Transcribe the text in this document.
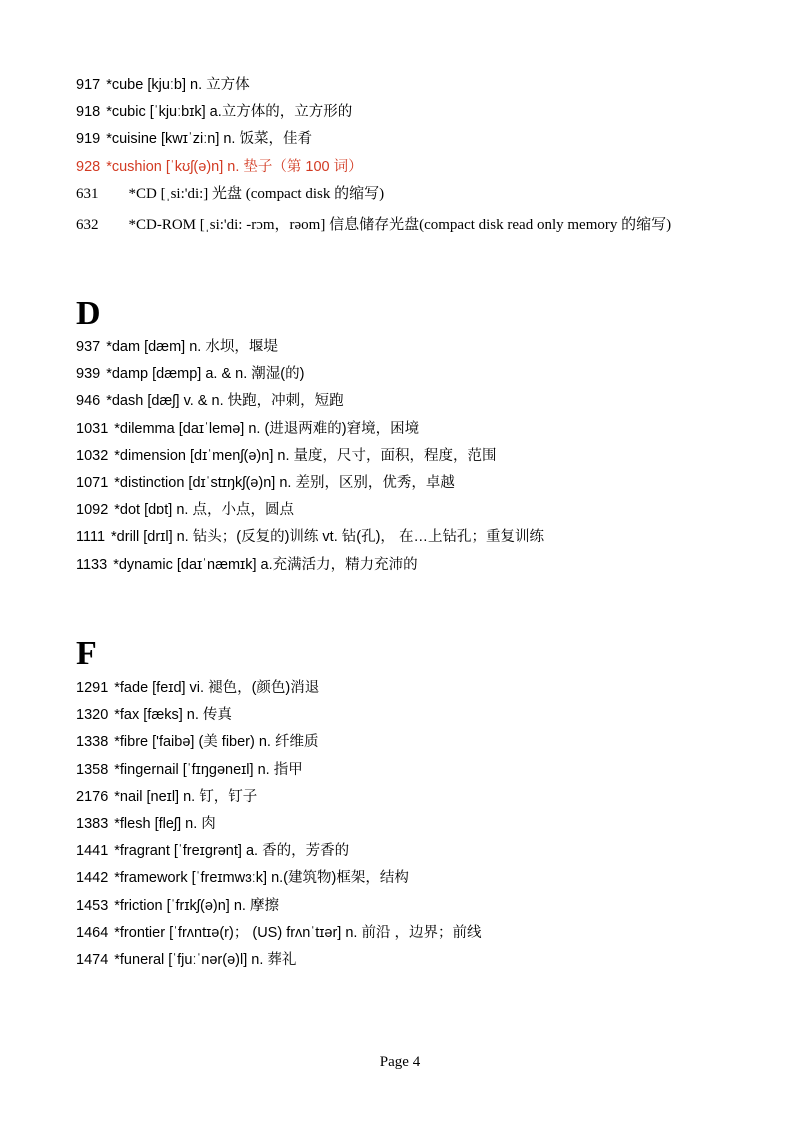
917 *cube [kjuːb] n. 立方体
918 *cubic [ˈkjuːbɪk] a.立方体的，立方形的
919 *cuisine [kwɪˈziːn] n. 饭菜，佳肴
928 *cushion [ˈkʊʃ(ə)n] n. 垫子（第 100 词）
631 *CD [ˌsi:'di:] 光盘 (compact disk 的缩写)
632 *CD-ROM [ˌsi:'di: -rɔm，rəom] 信息储存光盘(compact disk read only memory 的缩写)
D
937 *dam [dæm] n. 水坝，堰堤
939 *damp [dæmp] a. & n. 潮湿(的)
946 *dash [dæʃ] v. & n. 快跑，冲刺，短跑
1031 *dilemma [daɪˈlemə] n. (进退两难的)窘境，困境
1032 *dimension [dɪˈmenʃ(ə)n] n. 量度，尺寸，面积，程度，范围
1071 *distinction [dɪˈstɪŋkʃ(ə)n] n. 差别，区别，优秀，卓越
1092 *dot [dɒt] n. 点，小点，圆点
1111 *drill [drɪl] n. 钻头；(反复的)训练 vt. 钻(孔)， 在…上钻孔；重复训练
1133 *dynamic [daɪˈnæmɪk] a.充满活力，精力充沛的
F
1291 *fade [feɪd] vi. 褪色，(颜色)消退
1320 *fax [fæks] n. 传真
1338 *fibre ['faibə] (美 fiber) n. 纤维质
1358 *fingernail [ˈfɪŋgəneɪl] n. 指甲
2176 *nail [neɪl] n. 钉，钉子
1383 *flesh [fleʃ] n. 肉
1441 *fragrant [ˈfreɪgrənt] a. 香的，芳香的
1442 *framework [ˈfreɪmwɜːk] n.(建筑物)框架，结构
1453 *friction [ˈfrɪkʃ(ə)n] n. 摩擦
1464 *frontier [ˈfrʌntɪə(r)； (US) frʌnˈtɪər] n. 前沿 ，边界；前线
1474 *funeral [ˈfjuːˈnər(ə)l] n. 葬礼
Page 4
